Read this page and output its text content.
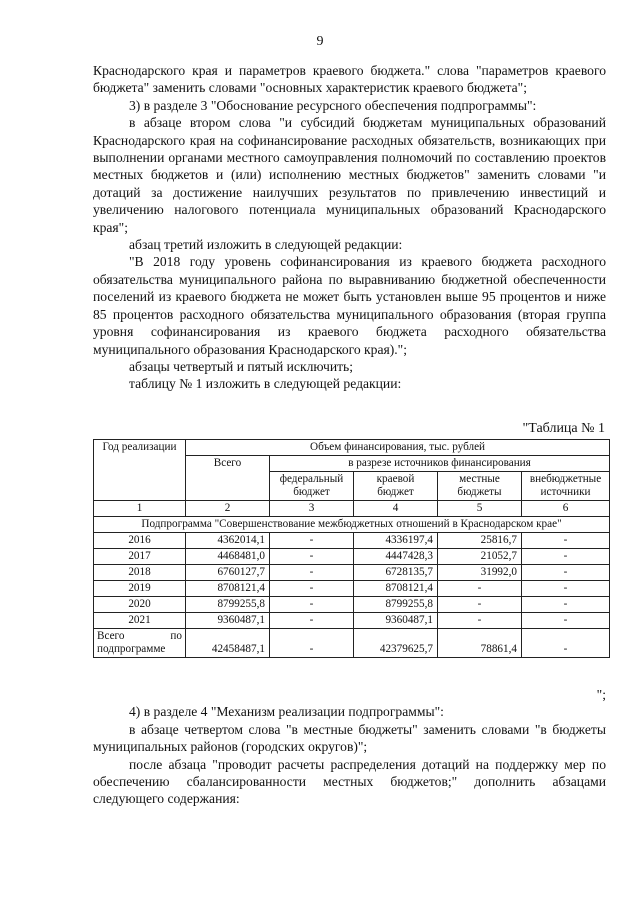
9

Краснодарского края и параметров краевого бюджета." слова "параметров краевого бюджета" заменить словами "основных характеристик краевого бюджета";

3) в разделе 3 "Обоснование ресурсного обеспечения подпрограммы":

в абзаце втором слова "и субсидий бюджетам муниципальных образований Краснодарского края на софинансирование расходных обязательств, возникающих при выполнении органами местного самоуправления полномочий по составлению проектов местных бюджетов и (или) исполнению местных бюджетов" заменить словами "и дотаций за достижение наилучших результатов по привлечению инвестиций и увеличению налогового потенциала муниципальных образований Краснодарского края";

абзац третий изложить в следующей редакции:

"В 2018 году уровень софинансирования из краевого бюджета расходного обязательства муниципального района по выравниванию бюджетной обеспеченности поселений из краевого бюджета не может быть установлен выше 95 процентов и ниже 85 процентов расходного обязательства муниципального образования (вторая группа уровня софинансирования из краевого бюджета расходного обязательства муниципального образования Краснодарского края).";

абзацы четвертый и пятый исключить;

таблицу № 1 изложить в следующей редакции:

"Таблица № 1
Год реализации	Объем финансирования, тыс. рублей				
	Всего	в разрезе источников финансирования			
		федеральный бюджет	краевой бюджет	местные бюджеты	внебюджетные источники
1	2	3	4	5	6
Подпрограмма "Совершенствование межбюджетных отношений в Краснодарском крае"					
2016	4362014,1	-	4336197,4	25816,7	-
2017	4468481,0	-	4447428,3	21052,7	-
2018	6760127,7	-	6728135,7	31992,0	-
2019	8708121,4	-	8708121,4	-	-
2020	8799255,8	-	8799255,8	-	-
2021	9360487,1	-	9360487,1	-	-

Всего по
подпрограмме	42458487,1	-	42379625,7	78861,4	-

";

4) в разделе 4 "Механизм реализации подпрограммы":

в абзаце четвертом слова "в местные бюджеты" заменить словами "в бюджеты муниципальных районов (городских округов)";

после абзаца "проводит расчеты распределения дотаций на поддержку мер по обеспечению сбалансированности местных бюджетов;" дополнить абзацами следующего содержания:
